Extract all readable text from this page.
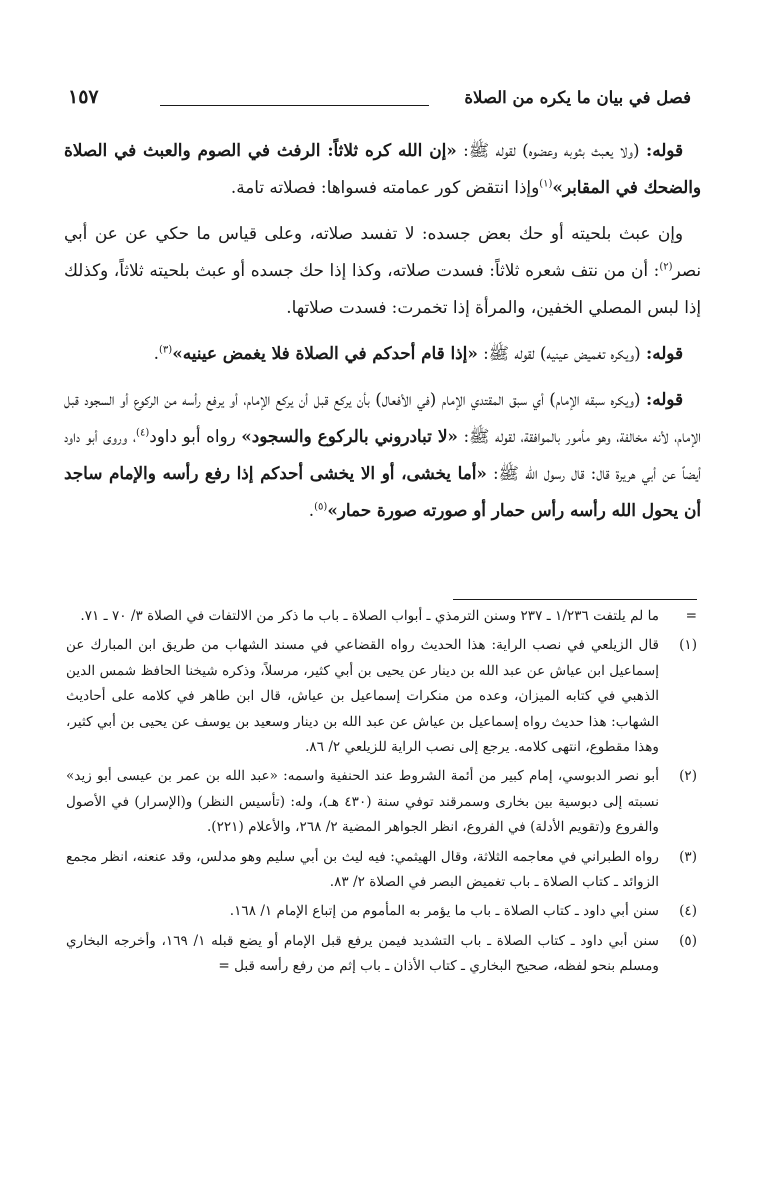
فصل في بيان ما يكره من الصلاة
١٥٧

قوله: (ولا يعبث بثوبه وعضوه) لقوله ﷺ: «إن الله كره ثلاثاً: الرفث في الصوم والعبث في الصلاة والضحك في المقابر»$^{(١)}$وإذا انتقض كور عمامته فسواها: فصلاته تامة.

وإن عبث بلحيته أو حك بعض جسده: لا تفسد صلاته، وعلى قياس ما حكي عن عن أبي نصر$^{(٢)}$: أن من نتف شعره ثلاثاً: فسدت صلاته، وكذا إذا حك جسده أو عبث بلحيته ثلاثاً، وكذلك إذا لبس المصلي الخفين، والمرأة إذا تخمرت: فسدت صلاتها.

قوله: (ويكره تغميض عينيه) لقوله ﷺ: «إذا قام أحدكم في الصلاة فلا يغمض عينيه»$^{(٣)}$.

قوله: (ويكره سبقه الإمام) أي سبق المقتدي الإمام (في الأفعال) بأن يركع قبل أن يركع الإمام، أو يرفع رأسه من الركوع أو السجود قبل الإمام، لأنه مخالفة، وهو مأمور بالموافقة، لقوله ﷺ: «لا تبادروني بالركوع والسجود» رواه أبو داود$^{(٤)}$، وروى أبو داود أيضاً عن أبي هريرة قال: قال رسول الله ﷺ: «أما يخشى، أو الا يخشى أحدكم إذا رفع رأسه والإمام ساجد أن يحول الله رأسه رأس حمار أو صورته صورة حمار»$^{(٥)}$.

=
ما لم يلتفت ١/٢٣٦ ـ ٢٣٧ وسنن الترمذي ـ أبواب الصلاة ـ باب ما ذكر من الالتفات في الصلاة ٣/ ٧٠ ـ ٧١.
(١)
قال الزيلعي في نصب الراية: هذا الحديث رواه القضاعي في مسند الشهاب من طريق ابن المبارك عن إسماعيل ابن عياش عن عبد الله بن دينار عن يحيى بن أبي كثير، مرسلاً، وذكره شيخنا الحافظ شمس الدين الذهبي في كتابه الميزان، وعده من منكرات إسماعيل بن عياش، قال ابن طاهر في كلامه على أحاديث الشهاب: هذا حديث رواه إسماعيل بن عياش عن عبد الله بن دينار وسعيد بن يوسف عن يحيى بن أبي كثير، وهذا مقطوع، انتهى كلامه. يرجع إلى نصب الراية للزيلعي ٢/ ٨٦.
(٢)
أبو نصر الدبوسي، إمام كبير من أئمة الشروط عند الحنفية واسمه: «عبد الله بن عمر بن عيسى أبو زيد» نسبته إلى دبوسية بين بخارى وسمرقند توفي سنة (٤٣٠ هـ)، وله: (تأسيس النظر) و(الإسرار) في الأصول والفروع و(تقويم الأدلة) في الفروع، انظر الجواهر المضية ٢/ ٢٦٨، والأعلام (٢٢١).
(٣)
رواه الطبراني في معاجمه الثلاثة، وقال الهيثمي: فيه ليث بن أبي سليم وهو مدلس، وقد عنعنه، انظر مجمع الزوائد ـ كتاب الصلاة ـ باب تغميض البصر في الصلاة ٢/ ٨٣.
(٤)
سنن أبي داود ـ كتاب الصلاة ـ باب ما يؤمر به المأموم من إتباع الإمام ١/ ١٦٨.
(٥)
سنن أبي داود ـ كتاب الصلاة ـ باب التشديد فيمن يرفع قبل الإمام أو يضع قبله ١/ ١٦٩، وأخرجه البخاري ومسلم بنحو لفظه، صحيح البخاري ـ كتاب الأذان ـ باب إثم من رفع رأسه قبل =
